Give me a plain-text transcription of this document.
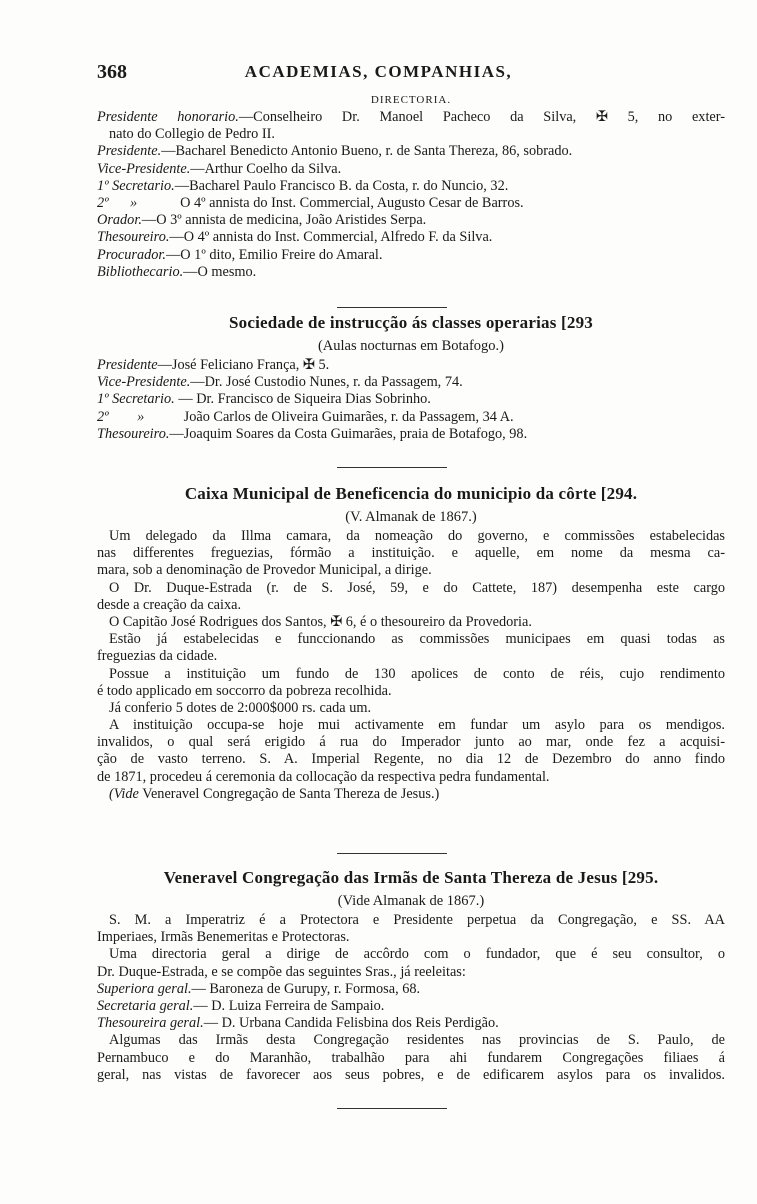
368	ACADEMIAS, COMPANHIAS,
DIRECTORIA.
Presidente honorario.—Conselheiro Dr. Manoel Pacheco da Silva, ✠ 5, no exter-
nato do Collegio de Pedro II.
Presidente.—Bacharel Benedicto Antonio Bueno, r. de Santa Thereza, 86, sobrado.
Vice-Presidente.—Arthur Coelho da Silva.
1º Secretario.—Bacharel Paulo Francisco B. da Costa, r. do Nuncio, 32.
2º      »            O 4º annista do Inst. Commercial, Augusto Cesar de Barros.
Orador.—O 3º annista de medicina, João Aristides Serpa.
Thesoureiro.—O 4º annista do Inst. Commercial, Alfredo F. da Silva.
Procurador.—O 1º dito, Emilio Freire do Amaral.
Bibliothecario.—O mesmo.
Sociedade de instrucção ás classes operarias [293
(Aulas nocturnas em Botafogo.)
Presidente—José Feliciano França, ✠ 5.
Vice-Presidente.—Dr. José Custodio Nunes, r. da Passagem, 74.
1º Secretario. — Dr. Francisco de Siqueira Dias Sobrinho.
2º        »           João Carlos de Oliveira Guimarães, r. da Passagem, 34 A.
Thesoureiro.—Joaquim Soares da Costa Guimarães, praia de Botafogo, 98.
Caixa Municipal de Beneficencia do municipio da côrte [294.
(V. Almanak de 1867.)
Um delegado da Illma camara, da nomeação do governo, e commissões estabelecidas
nas differentes freguezias, fórmão a instituição. e aquelle, em nome da mesma ca-
mara, sob a denominação de Provedor Municipal, a dirige.
O Dr. Duque-Estrada (r. de S. José, 59, e do Cattete, 187) desempenha este cargo
desde a creação da caixa.
O Capitão José Rodrigues dos Santos, ✠ 6, é o thesoureiro da Provedoria.
Estão já estabelecidas e funccionando as commissões municipaes em quasi todas as
freguezias da cidade.
Possue a instituição um fundo de 130 apolices de conto de réis, cujo rendimento
é todo applicado em soccorro da pobreza recolhida.
Já conferio 5 dotes de 2:000$000 rs. cada um.
A instituição occupa-se hoje mui activamente em fundar um asylo para os mendigos.
invalidos, o qual será erigido á rua do Imperador junto ao mar, onde fez a acquisi-
ção de vasto terreno. S. A. Imperial Regente, no dia 12 de Dezembro do anno findo
de 1871, procedeu á ceremonia da collocação da respectiva pedra fundamental.
(Vide Veneravel Congregação de Santa Thereza de Jesus.)
Veneravel Congregação das Irmãs de Santa Thereza de Jesus [295.
(Vide Almanak de 1867.)
S. M. a Imperatriz é a Protectora e Presidente perpetua da Congregação, e SS. AA
Imperiaes, Irmãs Benemeritas e Protectoras.
Uma directoria geral a dirige de accôrdo com o fundador, que é seu consultor, o
Dr. Duque-Estrada, e se compõe das seguintes Sras., já reeleitas:
Superiora geral.— Baroneza de Gurupy, r. Formosa, 68.
Secretaria geral.— D. Luiza Ferreira de Sampaio.
Thesoureira geral.— D. Urbana Candida Felisbina dos Reis Perdigão.
Algumas das Irmãs desta Congregação residentes nas provincias de S. Paulo, de
Pernambuco e do Maranhão, trabalhão para ahi fundarem Congregações filiaes á
geral, nas vistas de favorecer aos seus pobres, e de edificarem asylos para os invalidos.
